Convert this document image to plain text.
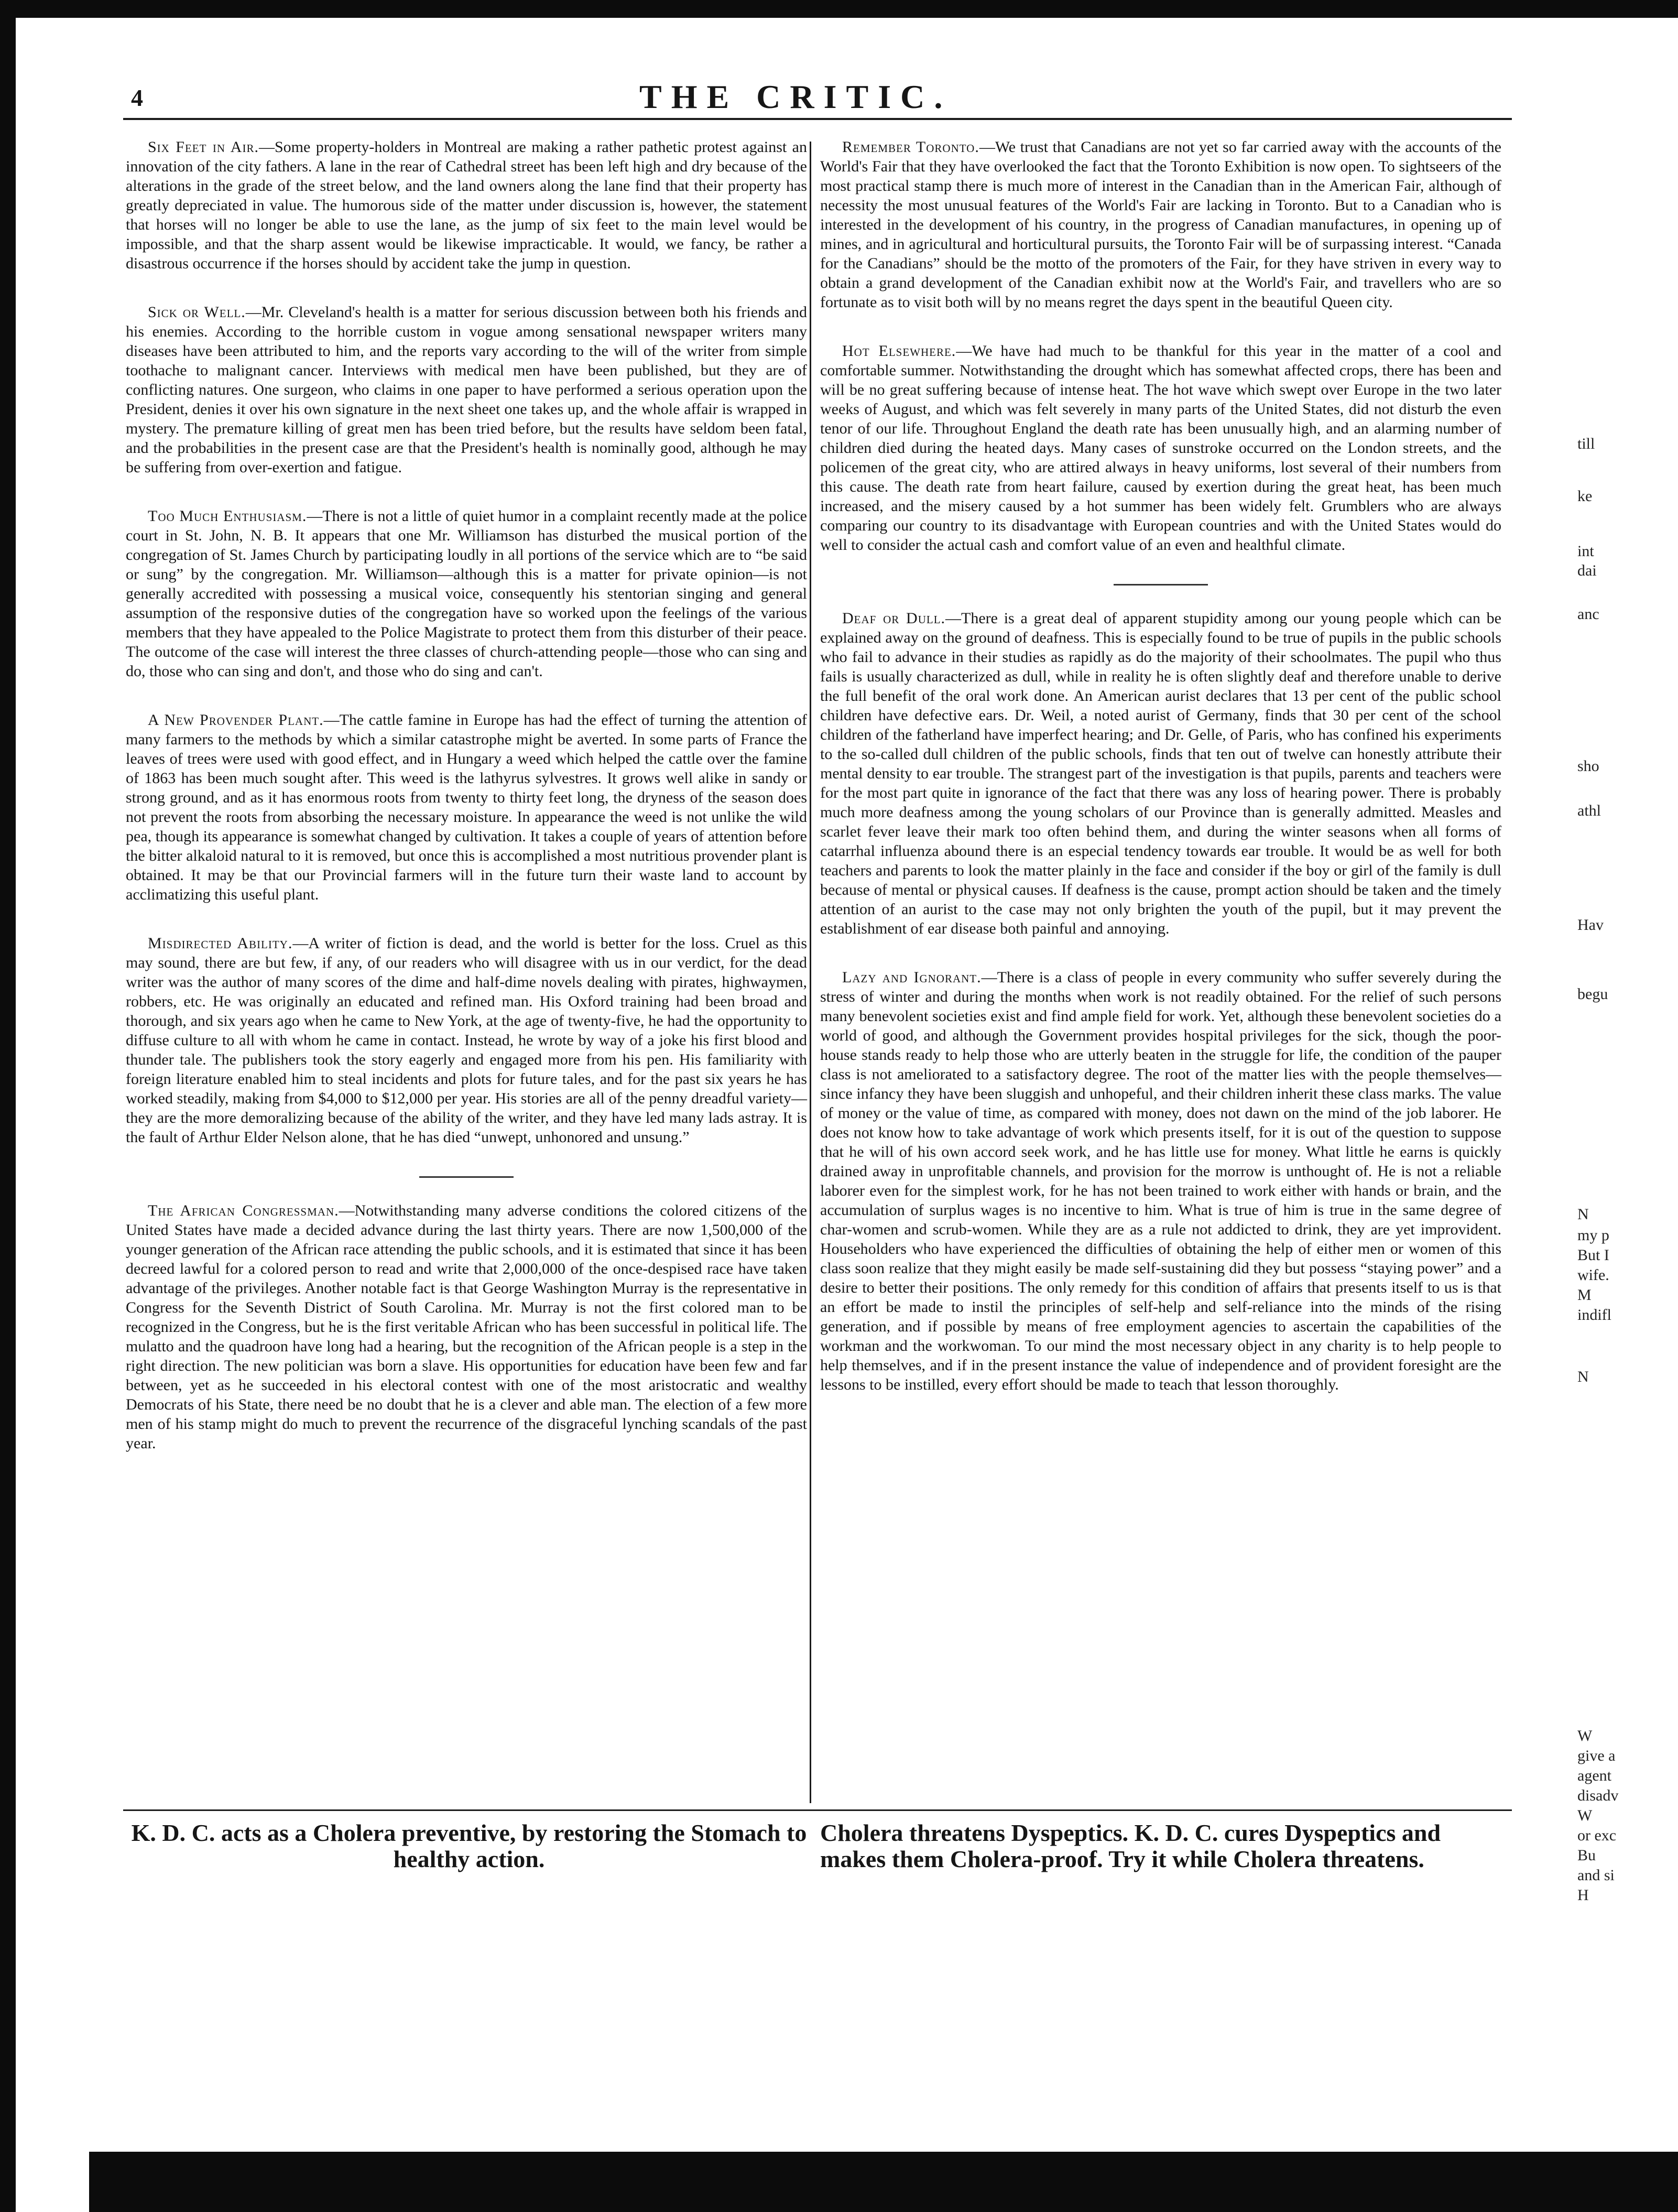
4	THE CRITIC.

Six Feet in Air.—Some property-holders in Montreal are making a rather pathetic protest against an innovation of the city fathers. A lane in the rear of Cathedral street has been left high and dry because of the alterations in the grade of the street below, and the land owners along the lane find that their property has greatly depreciated in value. The humorous side of the matter under discussion is, however, the statement that horses will no longer be able to use the lane, as the jump of six feet to the main level would be impossible, and that the sharp assent would be likewise impracticable. It would, we fancy, be rather a disastrous occurrence if the horses should by accident take the jump in question.

Sick or Well.—Mr. Cleveland's health is a matter for serious discussion between both his friends and his enemies. According to the horrible custom in vogue among sensational newspaper writers many diseases have been attributed to him, and the reports vary according to the will of the writer from simple toothache to malignant cancer. Interviews with medical men have been published, but they are of conflicting natures. One surgeon, who claims in one paper to have performed a serious operation upon the President, denies it over his own signature in the next sheet one takes up, and the whole affair is wrapped in mystery. The premature killing of great men has been tried before, but the results have seldom been fatal, and the probabilities in the present case are that the President's health is nominally good, although he may be suffering from over-exertion and fatigue.

Too Much Enthusiasm.—There is not a little of quiet humor in a complaint recently made at the police court in St. John, N. B. It appears that one Mr. Williamson has disturbed the musical portion of the congregation of St. James Church by participating loudly in all portions of the service which are to “be said or sung” by the congregation. Mr. Williamson—although this is a matter for private opinion—is not generally accredited with possessing a musical voice, consequently his stentorian singing and general assumption of the responsive duties of the congregation have so worked upon the feelings of the various members that they have appealed to the Police Magistrate to protect them from this disturber of their peace. The outcome of the case will interest the three classes of church-attending people—those who can sing and do, those who can sing and don't, and those who do sing and can't.

A New Provender Plant.—The cattle famine in Europe has had the effect of turning the attention of many farmers to the methods by which a similar catastrophe might be averted. In some parts of France the leaves of trees were used with good effect, and in Hungary a weed which helped the cattle over the famine of 1863 has been much sought after. This weed is the lathyrus sylvestres. It grows well alike in sandy or strong ground, and as it has enormous roots from twenty to thirty feet long, the dryness of the season does not prevent the roots from absorbing the necessary moisture. In appearance the weed is not unlike the wild pea, though its appearance is somewhat changed by cultivation. It takes a couple of years of attention before the bitter alkaloid natural to it is removed, but once this is accomplished a most nutritious provender plant is obtained. It may be that our Provincial farmers will in the future turn their waste land to account by acclimatizing this useful plant.

Misdirected Ability.—A writer of fiction is dead, and the world is better for the loss. Cruel as this may sound, there are but few, if any, of our readers who will disagree with us in our verdict, for the dead writer was the author of many scores of the dime and half-dime novels dealing with pirates, highwaymen, robbers, etc. He was originally an educated and refined man. His Oxford training had been broad and thorough, and six years ago when he came to New York, at the age of twenty-five, he had the opportunity to diffuse culture to all with whom he came in contact. Instead, he wrote by way of a joke his first blood and thunder tale. The publishers took the story eagerly and engaged more from his pen. His familiarity with foreign literature enabled him to steal incidents and plots for future tales, and for the past six years he has worked steadily, making from $4,000 to $12,000 per year. His stories are all of the penny dreadful variety—they are the more demoralizing because of the ability of the writer, and they have led many lads astray. It is the fault of Arthur Elder Nelson alone, that he has died “unwept, unhonored and unsung.”

The African Congressman.—Notwithstanding many adverse conditions the colored citizens of the United States have made a decided advance during the last thirty years. There are now 1,500,000 of the younger generation of the African race attending the public schools, and it is estimated that since it has been decreed lawful for a colored person to read and write that 2,000,000 of the once-despised race have taken advantage of the privileges. Another notable fact is that George Washington Murray is the representative in Congress for the Seventh District of South Carolina. Mr. Murray is not the first colored man to be recognized in the Congress, but he is the first veritable African who has been successful in political life. The mulatto and the quadroon have long had a hearing, but the recognition of the African people is a step in the right direction. The new politician was born a slave. His opportunities for education have been few and far between, yet as he succeeded in his electoral contest with one of the most aristocratic and wealthy Democrats of his State, there need be no doubt that he is a clever and able man. The election of a few more men of his stamp might do much to prevent the recurrence of the disgraceful lynching scandals of the past year.

Remember Toronto.—We trust that Canadians are not yet so far carried away with the accounts of the World's Fair that they have overlooked the fact that the Toronto Exhibition is now open. To sightseers of the most practical stamp there is much more of interest in the Canadian than in the American Fair, although of necessity the most unusual features of the World's Fair are lacking in Toronto. But to a Canadian who is interested in the development of his country, in the progress of Canadian manufactures, in opening up of mines, and in agricultural and horticultural pursuits, the Toronto Fair will be of surpassing interest. “Canada for the Canadians” should be the motto of the promoters of the Fair, for they have striven in every way to obtain a grand development of the Canadian exhibit now at the World's Fair, and travellers who are so fortunate as to visit both will by no means regret the days spent in the beautiful Queen city.

Hot Elsewhere.—We have had much to be thankful for this year in the matter of a cool and comfortable summer. Notwithstanding the drought which has somewhat affected crops, there has been and will be no great suffering because of intense heat. The hot wave which swept over Europe in the two later weeks of August, and which was felt severely in many parts of the United States, did not disturb the even tenor of our life. Throughout England the death rate has been unusually high, and an alarming number of children died during the heated days. Many cases of sunstroke occurred on the London streets, and the policemen of the great city, who are attired always in heavy uniforms, lost several of their numbers from this cause. The death rate from heart failure, caused by exertion during the great heat, has been much increased, and the misery caused by a hot summer has been widely felt. Grumblers who are always comparing our country to its disadvantage with European countries and with the United States would do well to consider the actual cash and comfort value of an even and healthful climate.

Deaf or Dull.—There is a great deal of apparent stupidity among our young people which can be explained away on the ground of deafness. This is especially found to be true of pupils in the public schools who fail to advance in their studies as rapidly as do the majority of their schoolmates. The pupil who thus fails is usually characterized as dull, while in reality he is often slightly deaf and therefore unable to derive the full benefit of the oral work done. An American aurist declares that 13 per cent of the public school children have defective ears. Dr. Weil, a noted aurist of Germany, finds that 30 per cent of the school children of the fatherland have imperfect hearing; and Dr. Gelle, of Paris, who has confined his experiments to the so-called dull children of the public schools, finds that ten out of twelve can honestly attribute their mental density to ear trouble. The strangest part of the investigation is that pupils, parents and teachers were for the most part quite in ignorance of the fact that there was any loss of hearing power. There is probably much more deafness among the young scholars of our Province than is generally admitted. Measles and scarlet fever leave their mark too often behind them, and during the winter seasons when all forms of catarrhal influenza abound there is an especial tendency towards ear trouble. It would be as well for both teachers and parents to look the matter plainly in the face and consider if the boy or girl of the family is dull because of mental or physical causes. If deafness is the cause, prompt action should be taken and the timely attention of an aurist to the case may not only brighten the youth of the pupil, but it may prevent the establishment of ear disease both painful and annoying.

Lazy and Ignorant.—There is a class of people in every community who suffer severely during the stress of winter and during the months when work is not readily obtained. For the relief of such persons many benevolent societies exist and find ample field for work. Yet, although these benevolent societies do a world of good, and although the Government provides hospital privileges for the sick, though the poor-house stands ready to help those who are utterly beaten in the struggle for life, the condition of the pauper class is not ameliorated to a satisfactory degree. The root of the matter lies with the people themselves—since infancy they have been sluggish and unhopeful, and their children inherit these class marks. The value of money or the value of time, as compared with money, does not dawn on the mind of the job laborer. He does not know how to take advantage of work which presents itself, for it is out of the question to suppose that he will of his own accord seek work, and he has little use for money. What little he earns is quickly drained away in unprofitable channels, and provision for the morrow is unthought of. He is not a reliable laborer even for the simplest work, for he has not been trained to work either with hands or brain, and the accumulation of surplus wages is no incentive to him. What is true of him is true in the same degree of char-women and scrub-women. While they are as a rule not addicted to drink, they are yet improvident. Householders who have experienced the difficulties of obtaining the help of either men or women of this class soon realize that they might easily be made self-sustaining did they but possess “staying power” and a desire to better their positions. The only remedy for this condition of affairs that presents itself to us is that an effort be made to instil the principles of self-help and self-reliance into the minds of the rising generation, and if possible by means of free employment agencies to ascertain the capabilities of the workman and the workwoman. To our mind the most necessary object in any charity is to help people to help themselves, and if in the present instance the value of independence and of provident foresight are the lessons to be instilled, every effort should be made to teach that lesson thoroughly.

K. D. C. acts as a Cholera preventive, by restoring the Stomach to healthy action.
Cholera threatens Dyspeptics. K. D. C. cures Dyspeptics and makes them Cholera-proof. Try it while Cholera threatens.
till
ke
int
dai
anc
sho
athl
Hav
begu
N
my p
But I
wife.
M
indifl
N
W
give a
agent
disadv
W
or exc
Bu
and si
H
